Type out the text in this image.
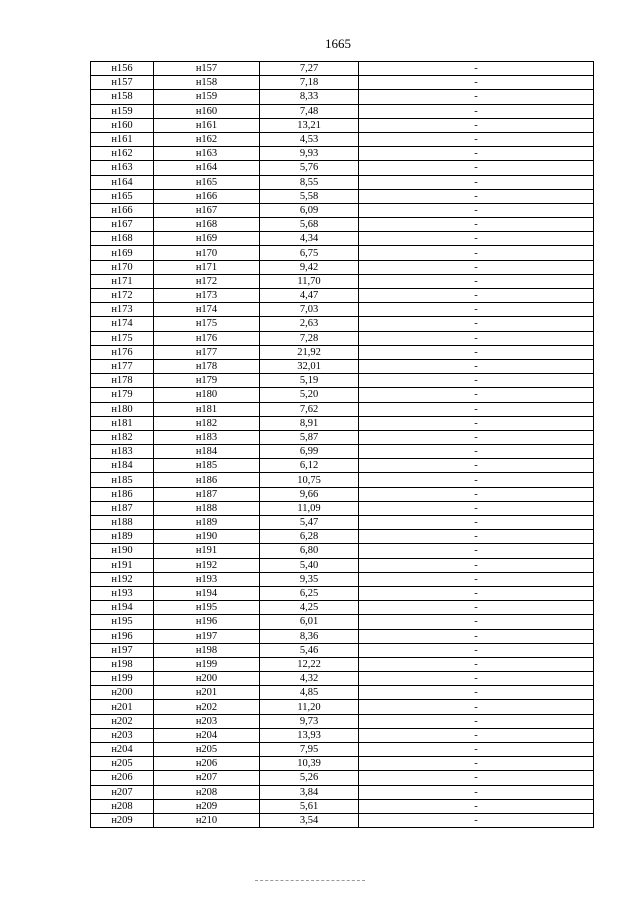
1665
н156	н157	7,27	-
н157	н158	7,18	-
н158	н159	8,33	-
н159	н160	7,48	-
н160	н161	13,21	-
н161	н162	4,53	-
н162	н163	9,93	-
н163	н164	5,76	-
н164	н165	8,55	-
н165	н166	5,58	-
н166	н167	6,09	-
н167	н168	5,68	-
н168	н169	4,34	-
н169	н170	6,75	-
н170	н171	9,42	-
н171	н172	11,70	-
н172	н173	4,47	-
н173	н174	7,03	-
н174	н175	2,63	-
н175	н176	7,28	-
н176	н177	21,92	-
н177	н178	32,01	-
н178	н179	5,19	-
н179	н180	5,20	-
н180	н181	7,62	-
н181	н182	8,91	-
н182	н183	5,87	-
н183	н184	6,99	-
н184	н185	6,12	-
н185	н186	10,75	-
н186	н187	9,66	-
н187	н188	11,09	-
н188	н189	5,47	-
н189	н190	6,28	-
н190	н191	6,80	-
н191	н192	5,40	-
н192	н193	9,35	-
н193	н194	6,25	-
н194	н195	4,25	-
н195	н196	6,01	-
н196	н197	8,36	-
н197	н198	5,46	-
н198	н199	12,22	-
н199	н200	4,32	-
н200	н201	4,85	-
н201	н202	11,20	-
н202	н203	9,73	-
н203	н204	13,93	-
н204	н205	7,95	-
н205	н206	10,39	-
н206	н207	5,26	-
н207	н208	3,84	-
н208	н209	5,61	-
н209	н210	3,54	-
